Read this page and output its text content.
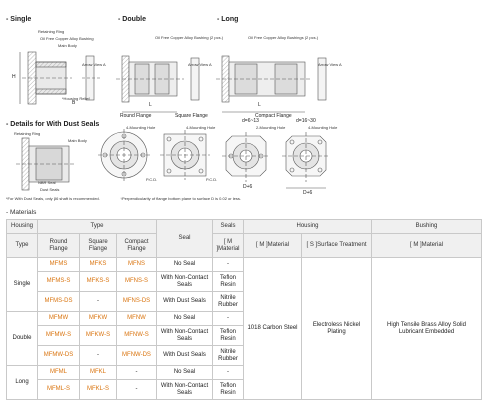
- Single	- Double	- Long
- Details for With Dust Seals
Retaining Ring
Oil Free Copper Alloy Bushing
Main Body
*Housing Relief
Oil Free Copper Alloy Bushing (2 pcs.)	Oil Free Copper Alloy Bushings (2 pcs.)
Arrow View A	Arrow View A	Arrow View A
L
L
H
B
Round Flange	Square Flange	Compact Flange
4-Mounting Hole	4-Mounting Hole
d=6~13	d=16~30
2-Mounting Hole	4-Mounting Hole
P.C.D.	P.C.D.
D+6
D+6
Retaining Ring
Main Body
NBR Seal
Dust Seals
*For With Dust Seals, only β6 shaft is recommended.	↑Perpendicularity of flange bottom plane to surface D is 0.02 or less.
- Materials
Housing	Type			Seal	Seals	Housing		Bushing
Type	Round Flange	Square Flange	Compact Flange		[ M ]Material	[ M ]Material	[ S ]Surface Treatment	[ M ]Material
Single	MFMS	MFKS	MFNS	No Seal	-	1018 Carbon Steel	Electroless Nickel Plating	High Tensile Brass Alloy Solid Lubricant Embedded
	MFMS-S	MFKS-S	MFNS-S	With Non-Contact Seals	Teflon Resin			
	MFMS-DS	-	MFNS-DS	With Dust Seals	Nitrile Rubber			
Double	MFMW	MFKW	MFNW	No Seal	-			
	MFMW-S	MFKW-S	MFNW-S	With Non-Contact Seals	Teflon Resin			
	MFMW-DS	-	MFNW-DS	With Dust Seals	Nitrile Rubber			
Long	MFML	MFKL	-	No Seal	-			
	MFML-S	MFKL-S	-	With Non-Contact Seals	Teflon Resin			
